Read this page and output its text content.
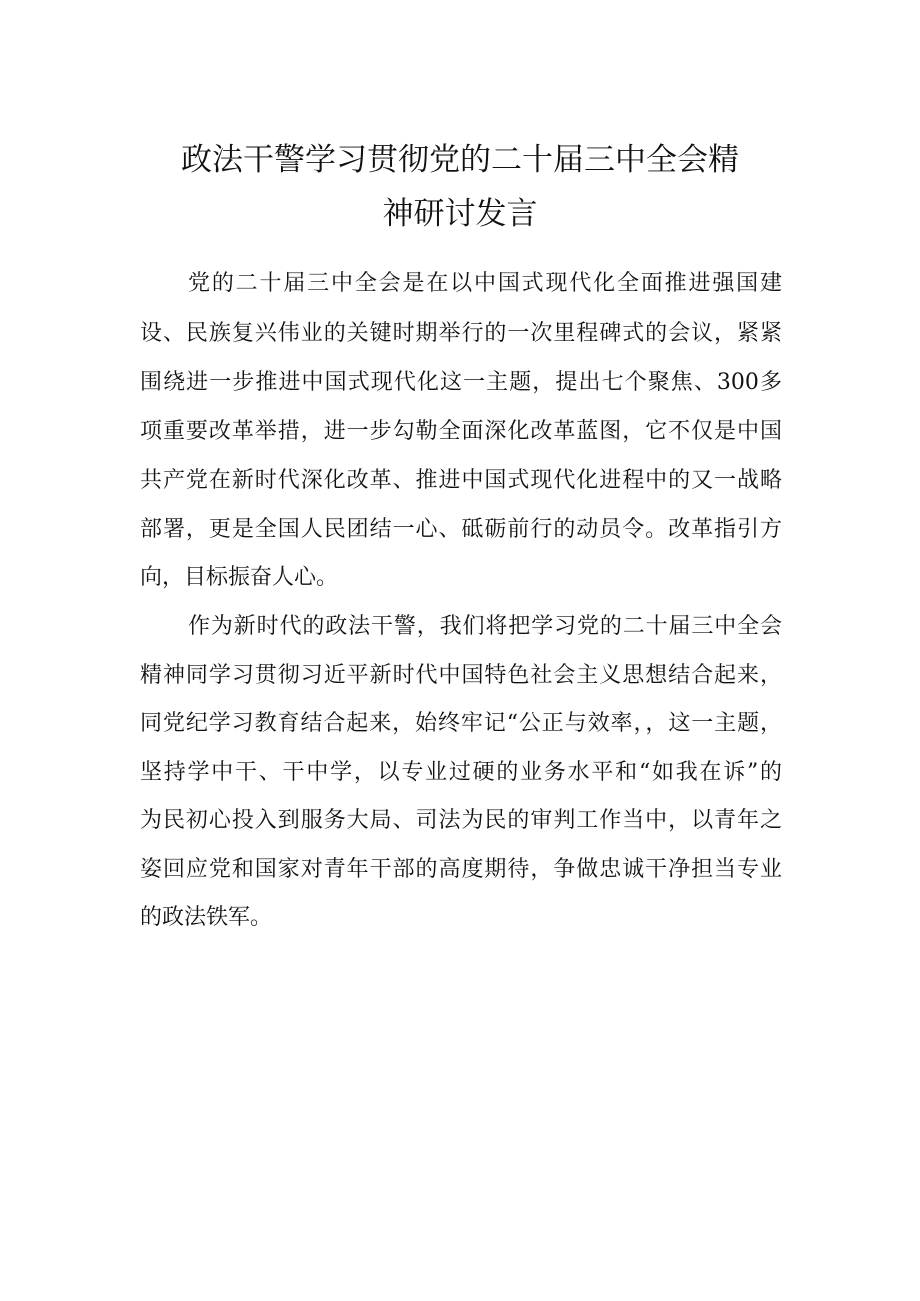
政法干警学习贯彻党的二十届三中全会精
神研讨发言
党的二十届三中全会是在以中国式现代化全面推进强国建
设、民族复兴伟业的关键时期举行的一次里程碑式的会议，紧紧
围绕进一步推进中国式现代化这一主题，提出七个聚焦、300多
项重要改革举措，进一步勾勒全面深化改革蓝图，它不仅是中国
共产党在新时代深化改革、推进中国式现代化进程中的又一战略
部署，更是全国人民团结一心、砥砺前行的动员令。改革指引方
向，目标振奋人心。
作为新时代的政法干警，我们将把学习党的二十届三中全会
精神同学习贯彻习近平新时代中国特色社会主义思想结合起来，
同党纪学习教育结合起来，始终牢记“公正与效率，，这一主题，
坚持学中干、干中学，以专业过硬的业务水平和“如我在诉”的
为民初心投入到服务大局、司法为民的审判工作当中，以青年之
姿回应党和国家对青年干部的高度期待，争做忠诚干净担当专业
的政法铁军。
